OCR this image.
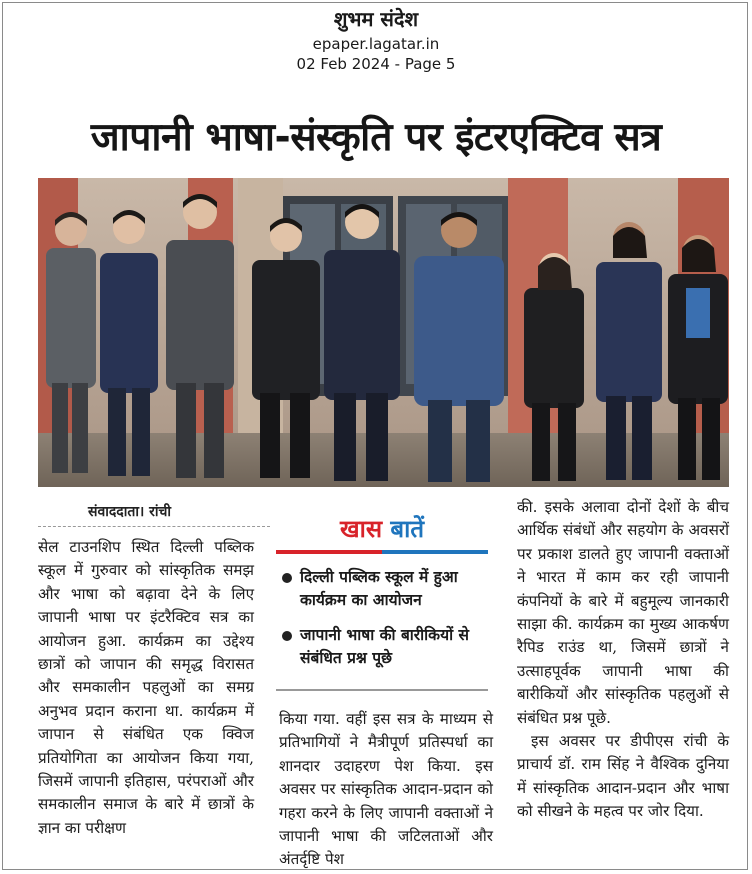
शुभम संदेश
epaper.lagatar.in
02 Feb 2024 - Page 5
जापानी भाषा-संस्कृति पर इंटरएक्टिव सत्र
संवाददाता। रांची

सेल टाउनशिप स्थित दिल्ली पब्लिक स्कूल में गुरुवार को सांस्कृतिक समझ और भाषा को बढ़ावा देने के लिए जापानी भाषा पर इंटरैक्टिव सत्र का आयोजन हुआ. कार्यक्रम का उद्देश्य छात्रों को जापान की समृद्ध विरासत और समकालीन पहलुओं का समग्र अनुभव प्रदान कराना था. कार्यक्रम में जापान से संबंधित एक क्विज प्रतियोगिता का आयोजन किया गया, जिसमें जापानी इतिहास, परंपराओं और समकालीन समाज के बारे में छात्रों के ज्ञान का परीक्षण

खास बातें
दिल्ली पब्लिक स्कूल में हुआ कार्यक्रम का आयोजन
जापानी भाषा की बारीकियों से संबंधित प्रश्न पूछे

किया गया. वहीं इस सत्र के माध्यम से प्रतिभागियों ने मैत्रीपूर्ण प्रतिस्पर्धा का शानदार उदाहरण पेश किया. इस अवसर पर सांस्कृतिक आदान-प्रदान को गहरा करने के लिए जापानी वक्ताओं ने जापानी भाषा की जटिलताओं और अंतर्दृष्टि पेश

की. इसके अलावा दोनों देशों के बीच आर्थिक संबंधों और सहयोग के अवसरों पर प्रकाश डालते हुए जापानी वक्ताओं ने भारत में काम कर रही जापानी कंपनियों के बारे में बहुमूल्य जानकारी साझा की. कार्यक्रम का मुख्य आकर्षण रैपिड राउंड था, जिसमें छात्रों ने उत्साहपूर्वक जापानी भाषा की बारीकियों और सांस्कृतिक पहलुओं से संबंधित प्रश्न पूछे.

इस अवसर पर डीपीएस रांची के प्राचार्य डॉ. राम सिंह ने वैश्विक दुनिया में सांस्कृतिक आदान-प्रदान और भाषा को सीखने के महत्व पर जोर दिया.
